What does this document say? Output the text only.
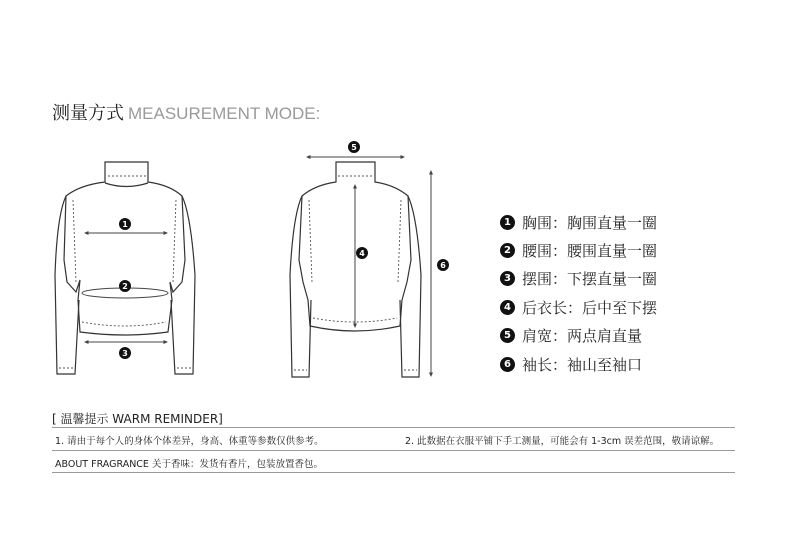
测量方式 MEASUREMENT MODE:
1
2
3
4
5
6
1 胸围 ： 胸围直量一圈
2 腰围 ： 腰围直量一圈
3 摆围 ： 下摆直量一圈
4 后衣长 ： 后中至下摆
5 肩宽 ： 两点肩直量
6 袖长 ： 袖山至袖口
[ 温馨提示 WARM REMINDER]
1. 请由于每个人的身体个体差异，身高、体重等参数仅供参考。	2. 此数据在衣服平铺下手工测量，可能会有 1-3cm 误差范围，敬请谅解。
ABOUT FRAGRANCE 关于香味：发货有香片，包装放置香包。
